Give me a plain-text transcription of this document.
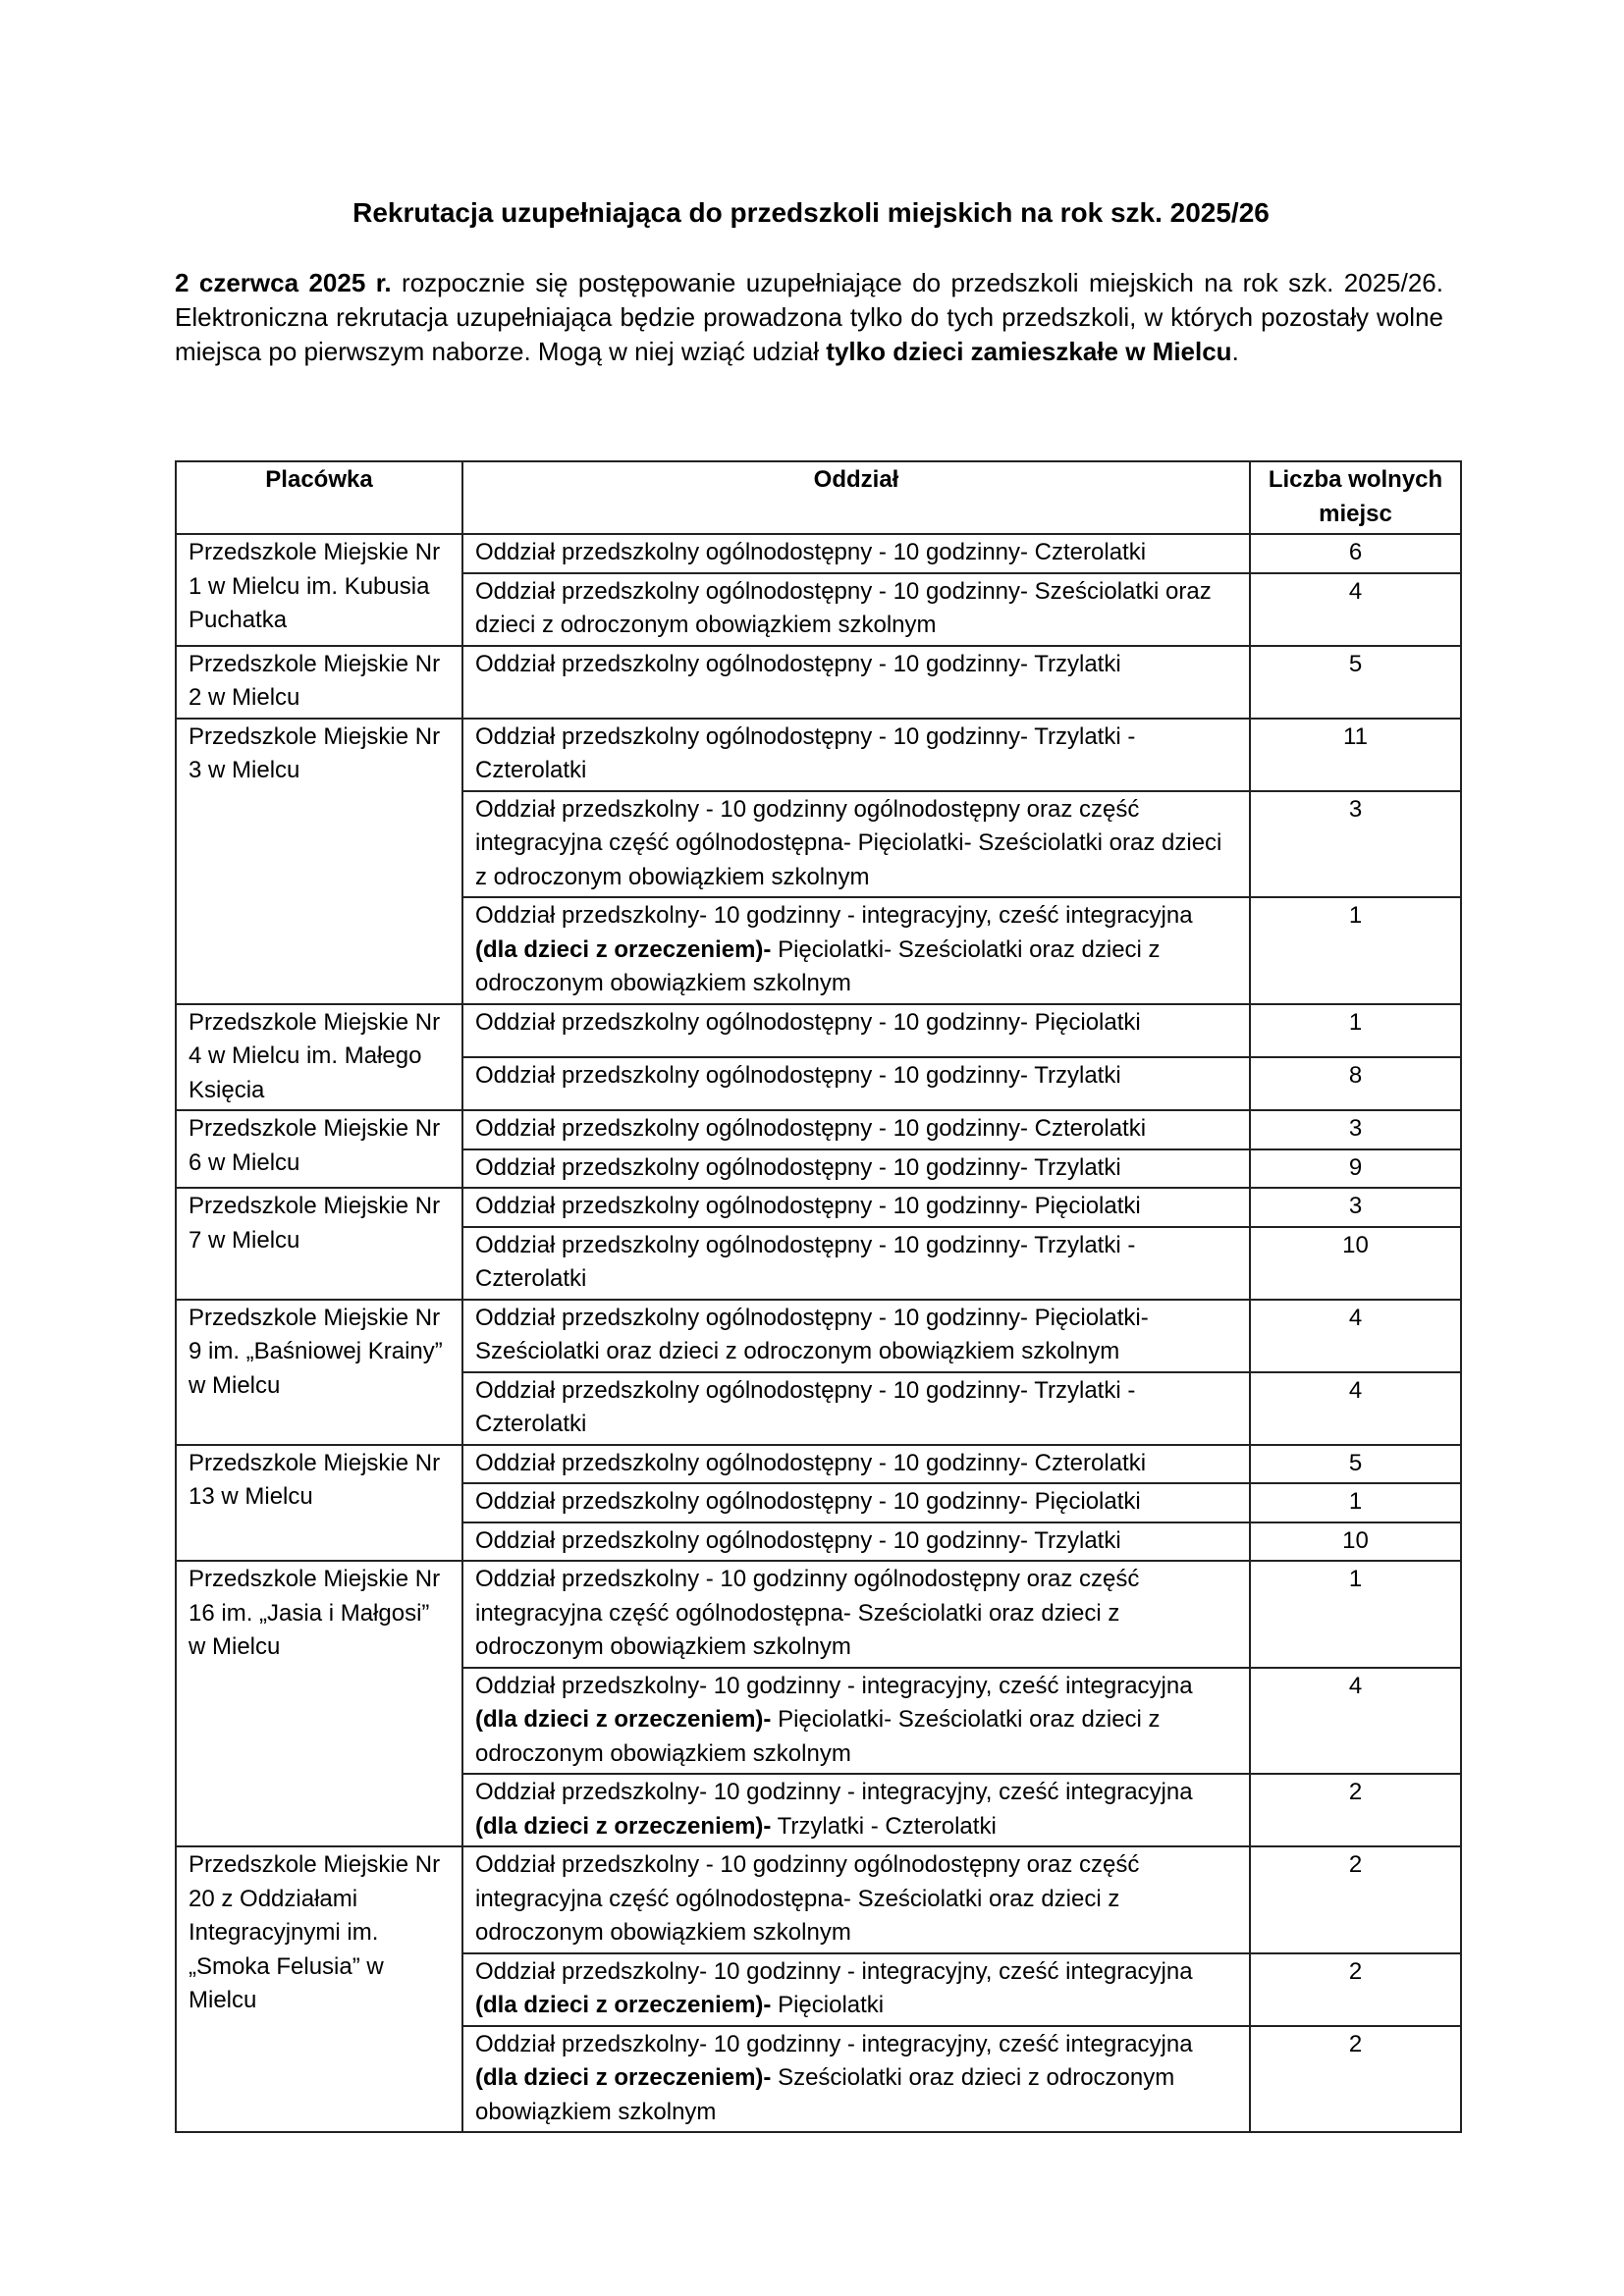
Rekrutacja uzupełniająca do przedszkoli miejskich na rok szk. 2025/26

2 czerwca 2025 r. rozpocznie się postępowanie uzupełniające do przedszkoli miejskich na rok szk. 2025/26. Elektroniczna rekrutacja uzupełniająca będzie prowadzona tylko do tych przedszkoli, w których pozostały wolne miejsca po pierwszym naborze. Mogą w niej wziąć udział tylko dzieci zamieszkałe w Mielcu.

Placówka	Oddział	Liczba wolnych miejsc
Przedszkole Miejskie Nr 1 w Mielcu im. Kubusia Puchatka	Oddział przedszkolny ogólnodostępny - 10 godzinny- Czterolatki	6
	Oddział przedszkolny ogólnodostępny - 10 godzinny- Sześciolatki oraz dzieci z odroczonym obowiązkiem szkolnym	4
Przedszkole Miejskie Nr 2 w Mielcu	Oddział przedszkolny ogólnodostępny - 10 godzinny- Trzylatki	5
Przedszkole Miejskie Nr 3 w Mielcu	Oddział przedszkolny ogólnodostępny - 10 godzinny- Trzylatki - Czterolatki	11
	Oddział przedszkolny - 10 godzinny ogólnodostępny oraz część integracyjna część ogólnodostępna- Pięciolatki- Sześciolatki oraz dzieci z odroczonym obowiązkiem szkolnym	3
	Oddział przedszkolny- 10 godzinny - integracyjny, cześć integracyjna (dla dzieci z orzeczeniem)- Pięciolatki- Sześciolatki oraz dzieci z odroczonym obowiązkiem szkolnym	1
Przedszkole Miejskie Nr 4 w Mielcu im. Małego Księcia	Oddział przedszkolny ogólnodostępny - 10 godzinny- Pięciolatki	1
	Oddział przedszkolny ogólnodostępny - 10 godzinny- Trzylatki	8
Przedszkole Miejskie Nr 6 w Mielcu	Oddział przedszkolny ogólnodostępny - 10 godzinny- Czterolatki	3
	Oddział przedszkolny ogólnodostępny - 10 godzinny- Trzylatki	9
Przedszkole Miejskie Nr 7 w Mielcu	Oddział przedszkolny ogólnodostępny - 10 godzinny- Pięciolatki	3
	Oddział przedszkolny ogólnodostępny - 10 godzinny- Trzylatki - Czterolatki	10
Przedszkole Miejskie Nr 9 im. „Baśniowej Krainy” w Mielcu	Oddział przedszkolny ogólnodostępny - 10 godzinny- Pięciolatki- Sześciolatki oraz dzieci z odroczonym obowiązkiem szkolnym	4
	Oddział przedszkolny ogólnodostępny - 10 godzinny- Trzylatki - Czterolatki	4
Przedszkole Miejskie Nr 13 w Mielcu	Oddział przedszkolny ogólnodostępny - 10 godzinny- Czterolatki	5
	Oddział przedszkolny ogólnodostępny - 10 godzinny- Pięciolatki	1
	Oddział przedszkolny ogólnodostępny - 10 godzinny- Trzylatki	10
Przedszkole Miejskie Nr 16 im. „Jasia i Małgosi” w Mielcu	Oddział przedszkolny - 10 godzinny ogólnodostępny oraz część integracyjna część ogólnodostępna- Sześciolatki oraz dzieci z odroczonym obowiązkiem szkolnym	1
	Oddział przedszkolny- 10 godzinny - integracyjny, cześć integracyjna (dla dzieci z orzeczeniem)- Pięciolatki- Sześciolatki oraz dzieci z odroczonym obowiązkiem szkolnym	4
	Oddział przedszkolny- 10 godzinny - integracyjny, cześć integracyjna (dla dzieci z orzeczeniem)- Trzylatki - Czterolatki	2
Przedszkole Miejskie Nr 20 z Oddziałami Integracyjnymi im. „Smoka Felusia” w Mielcu	Oddział przedszkolny - 10 godzinny ogólnodostępny oraz część integracyjna część ogólnodostępna- Sześciolatki oraz dzieci z odroczonym obowiązkiem szkolnym	2
	Oddział przedszkolny- 10 godzinny - integracyjny, cześć integracyjna (dla dzieci z orzeczeniem)- Pięciolatki	2
	Oddział przedszkolny- 10 godzinny - integracyjny, cześć integracyjna (dla dzieci z orzeczeniem)- Sześciolatki oraz dzieci z odroczonym obowiązkiem szkolnym	2
